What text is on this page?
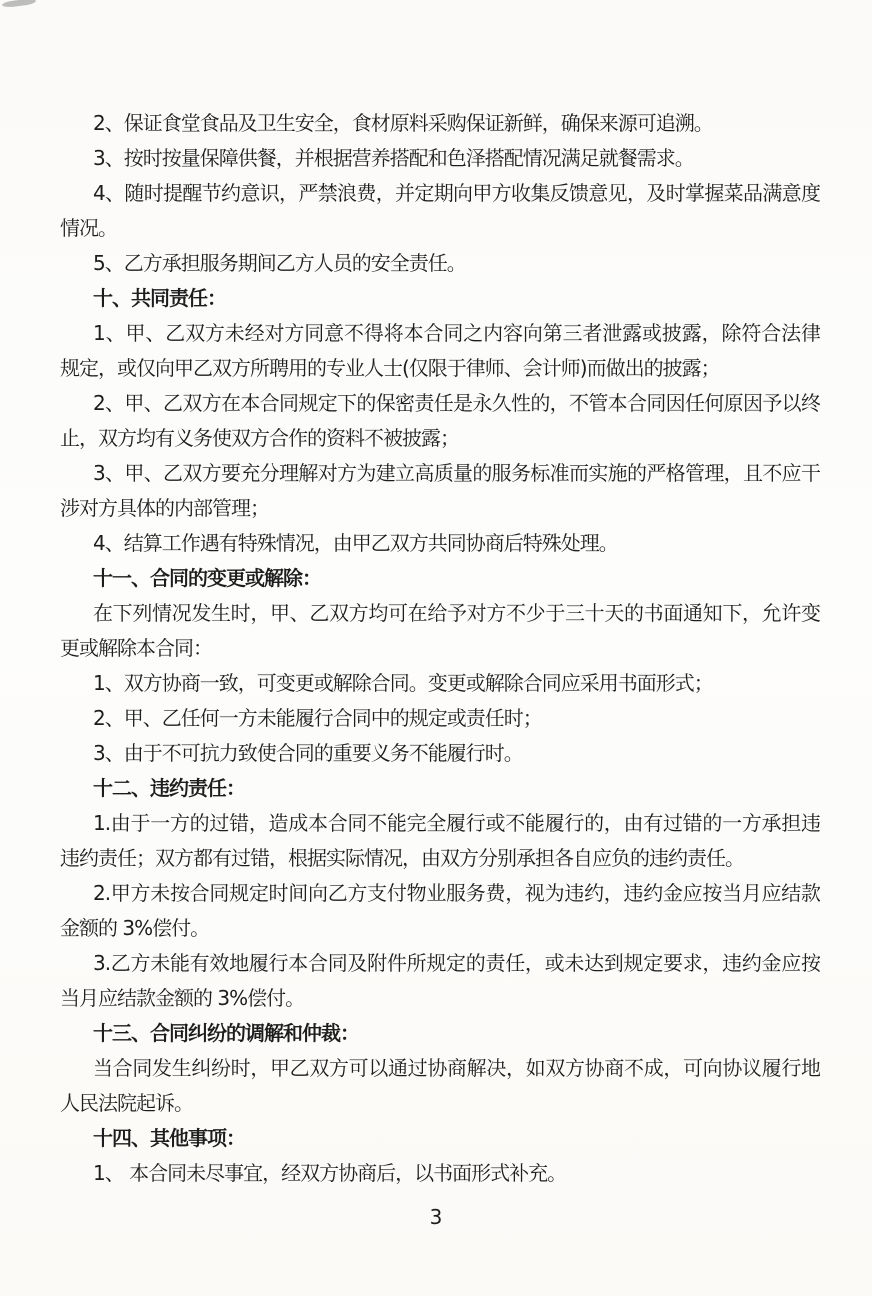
2、保证食堂食品及卫生安全，食材原料采购保证新鲜，确保来源可追溯。
3、按时按量保障供餐，并根据营养搭配和色泽搭配情况满足就餐需求。
4、随时提醒节约意识，严禁浪费，并定期向甲方收集反馈意见，及时掌握菜品满意度
情况。
5、乙方承担服务期间乙方人员的安全责任。
十、共同责任：
1、甲、乙双方未经对方同意不得将本合同之内容向第三者泄露或披露，除符合法律
规定，或仅向甲乙双方所聘用的专业人士(仅限于律师、会计师)而做出的披露；
2、甲、乙双方在本合同规定下的保密责任是永久性的，不管本合同因任何原因予以终
止，双方均有义务使双方合作的资料不被披露；
3、甲、乙双方要充分理解对方为建立高质量的服务标准而实施的严格管理，且不应干
涉对方具体的内部管理；
4、结算工作遇有特殊情况，由甲乙双方共同协商后特殊处理。
十一、合同的变更或解除：
在下列情况发生时，甲、乙双方均可在给予对方不少于三十天的书面通知下，允许变
更或解除本合同：
1、双方协商一致，可变更或解除合同。变更或解除合同应采用书面形式；
2、甲、乙任何一方未能履行合同中的规定或责任时；
3、由于不可抗力致使合同的重要义务不能履行时。
十二、违约责任：
1.由于一方的过错，造成本合同不能完全履行或不能履行的，由有过错的一方承担违
违约责任；双方都有过错，根据实际情况，由双方分别承担各自应负的违约责任。
2.甲方未按合同规定时间向乙方支付物业服务费，视为违约，违约金应按当月应结款
金额的 3%偿付。
3.乙方未能有效地履行本合同及附件所规定的责任，或未达到规定要求，违约金应按
当月应结款金额的 3%偿付。
十三、合同纠纷的调解和仲裁：
当合同发生纠纷时，甲乙双方可以通过协商解决，如双方协商不成，可向协议履行地
人民法院起诉。
十四、其他事项：
1、 本合同未尽事宜，经双方协商后，以书面形式补充。
3
